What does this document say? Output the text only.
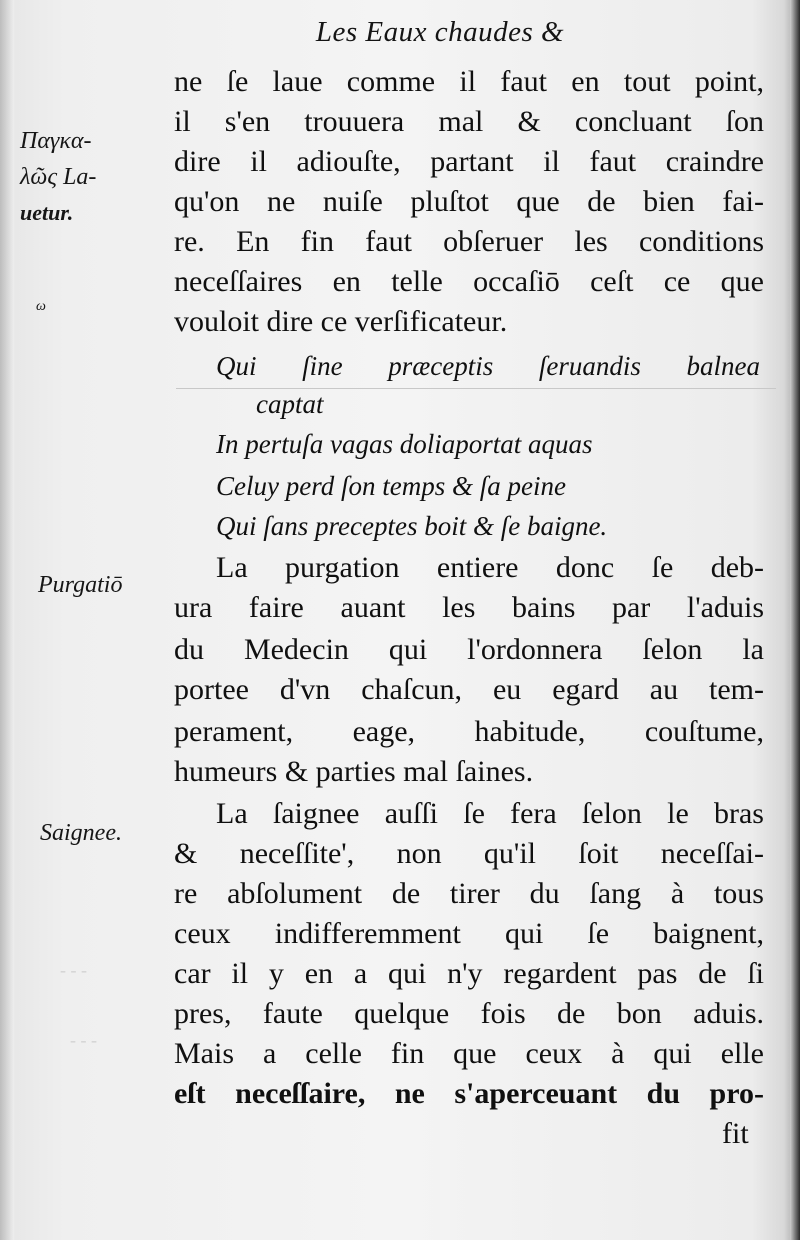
Les Eaux chaudes &
- - -
- - -
Παγκα-
λῶς La-
uetur.
ω
Purgatiō
Saignee.
ne ſe laue comme il faut en tout point,
il s'en trouuera mal & concluant ſon
dire il adiouſte, partant il faut craindre
qu'on ne nuiſe pluſtot que de bien fai-
re. En fin faut obſeruer les conditions
neceſſaires en telle occaſiō ceſt ce que
vouloit dire ce verſificateur.
Qui ſine præceptis ſeruandis balnea
captat
In pertuſa vagas doliaportat aquas
Celuy perd ſon temps & ſa peine
Qui ſans preceptes boit & ſe baigne.
La purgation entiere donc ſe deb-
ura faire auant les bains par l'aduis
du Medecin qui l'ordonnera ſelon la
portee d'vn chaſcun, eu egard au tem-
perament, eage, habitude, couſtume,
humeurs & parties mal ſaines.
La ſaignee auſſi ſe fera ſelon le bras
& neceſſite', non qu'il ſoit neceſſai-
re abſolument de tirer du ſang à tous
ceux indifferemment qui ſe baignent,
car il y en a qui n'y regardent pas de ſi
pres, faute quelque fois de bon aduis.
Mais a celle fin que ceux à qui elle
eſt neceſſaire, ne s'aperceuant du pro-
fit
